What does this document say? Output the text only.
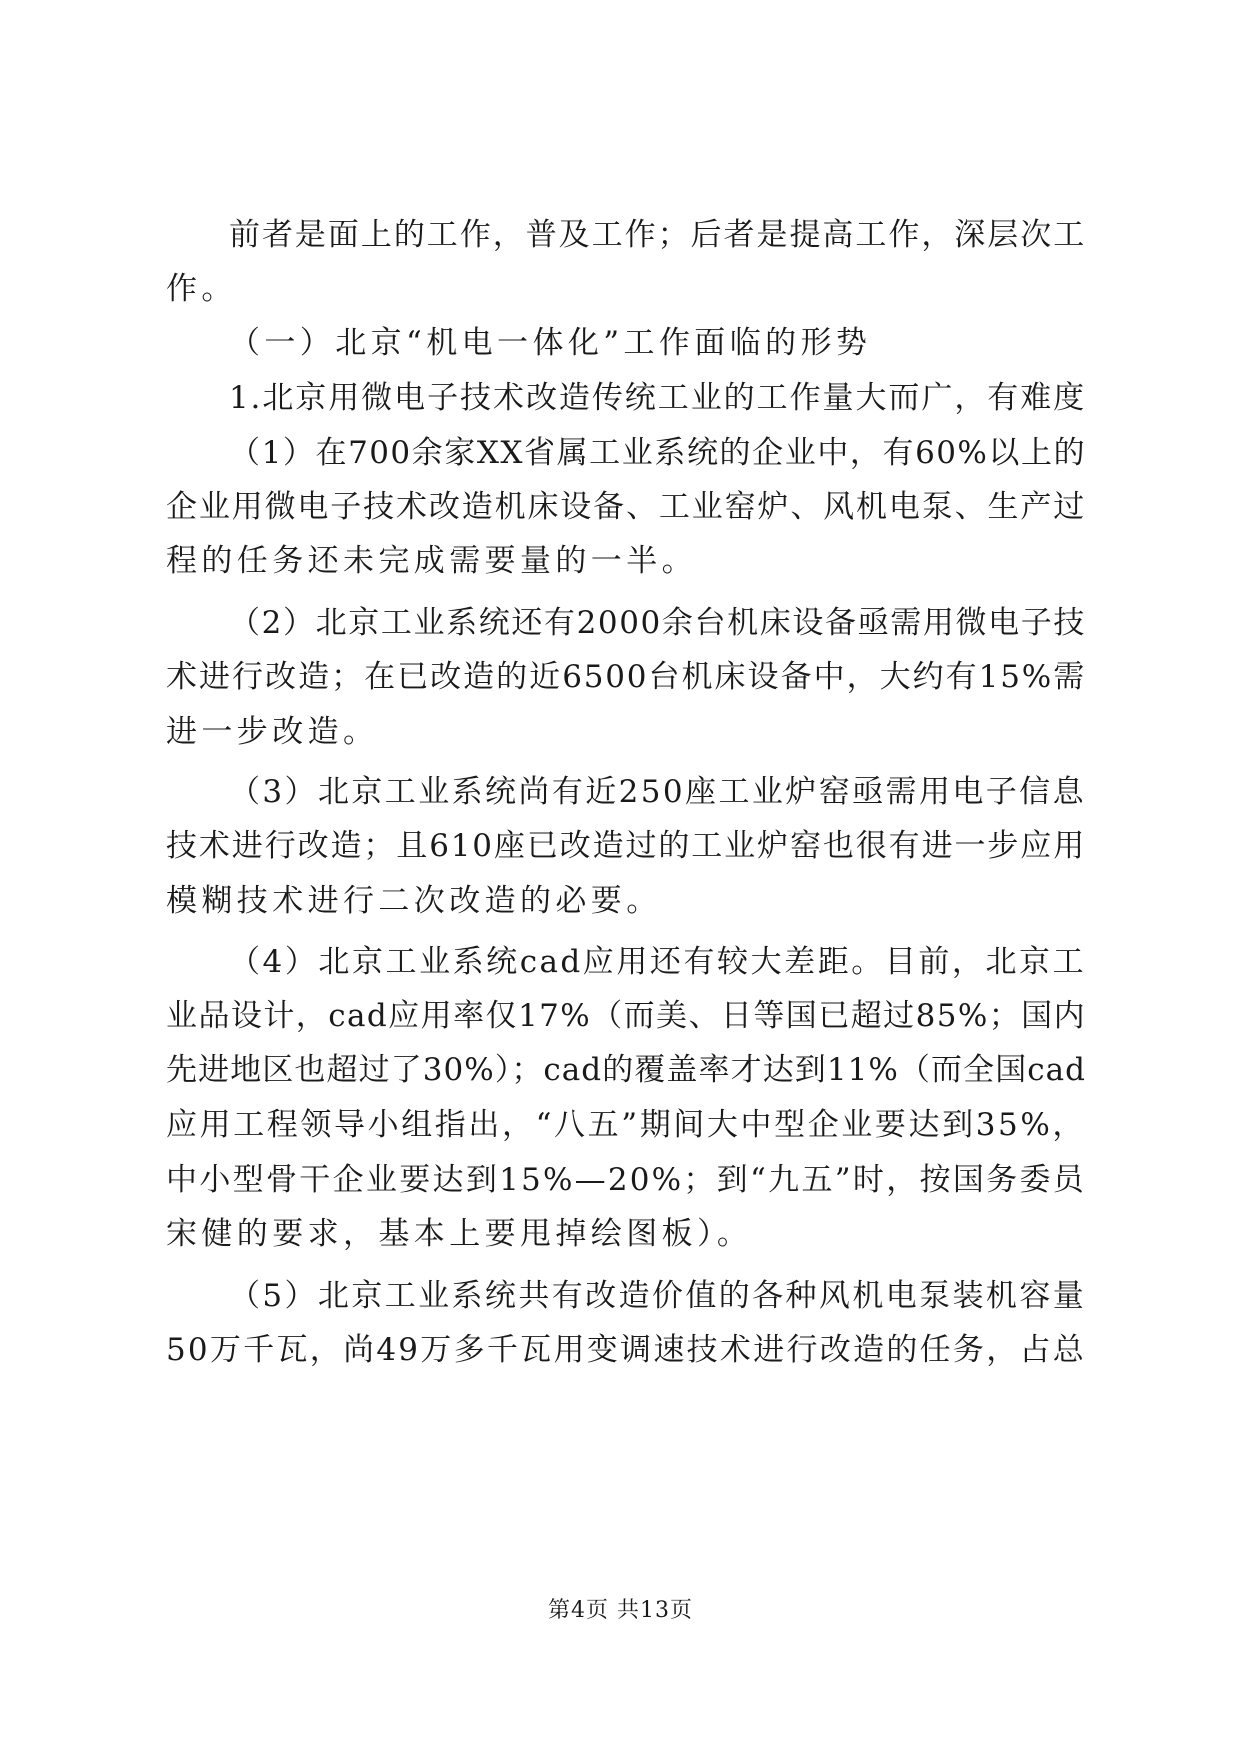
前者是面上的工作，普及工作；后者是提高工作，深层次工
作。
（一）北京“机电一体化”工作面临的形势
1.北京用微电子技术改造传统工业的工作量大而广，有难度
（1）在700余家XX省属工业系统的企业中，有60%以上的
企业用微电子技术改造机床设备、工业窑炉、风机电泵、生产过
程的任务还未完成需要量的一半。
（2）北京工业系统还有2000余台机床设备亟需用微电子技
术进行改造；在已改造的近6500台机床设备中，大约有15%需
进一步改造。
（3）北京工业系统尚有近250座工业炉窑亟需用电子信息
技术进行改造；且610座已改造过的工业炉窑也很有进一步应用
模糊技术进行二次改造的必要。
（4）北京工业系统cad应用还有较大差距。目前，北京工
业品设计，cad应用率仅17%（而美、日等国已超过85%；国内
先进地区也超过了30%）；cad的覆盖率才达到11%（而全国cad
应用工程领导小组指出，“八五”期间大中型企业要达到35%，
中小型骨干企业要达到15%—20%；到“九五”时，按国务委员
宋健的要求，基本上要甩掉绘图板）。
（5）北京工业系统共有改造价值的各种风机电泵装机容量
50万千瓦，尚49万多千瓦用变调速技术进行改造的任务，占总
第4页 共13页
